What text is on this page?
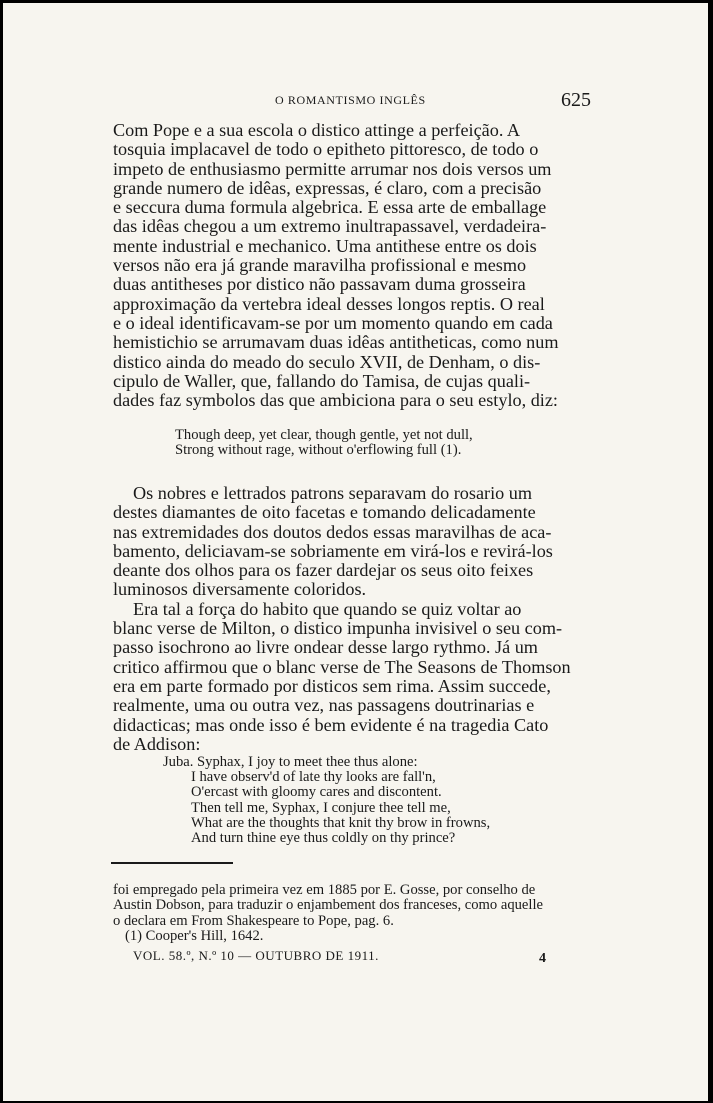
O ROMANTISMO INGLÊS	625

Com Pope e a sua escola o distico attinge a perfeição. A
tosquia implacavel de todo o epitheto pittoresco, de todo o
impeto de enthusiasmo permitte arrumar nos dois versos um
grande numero de idêas, expressas, é claro, com a precisão
e seccura duma formula algebrica. E essa arte de emballage
das idêas chegou a um extremo inultrapassavel, verdadeira-
mente industrial e mechanico. Uma antithese entre os dois
versos não era já grande maravilha profissional e mesmo
duas antitheses por distico não passavam duma grosseira
approximação da vertebra ideal desses longos reptis. O real
e o ideal identificavam-se por um momento quando em cada
hemistichio se arrumavam duas idêas antitheticas, como num
distico ainda do meado do seculo XVII, de Denham, o dis-
cipulo de Waller, que, fallando do Tamisa, de cujas quali-
dades faz symbolos das que ambiciona para o seu estylo, diz:

Though deep, yet clear, though gentle, yet not dull,
Strong without rage, without o'erflowing full (1).

Os nobres e lettrados patrons separavam do rosario um
destes diamantes de oito facetas e tomando delicadamente
nas extremidades dos doutos dedos essas maravilhas de aca-
bamento, deliciavam-se sobriamente em virá-los e revirá-los
deante dos olhos para os fazer dardejar os seus oito feixes
luminosos diversamente coloridos.

Era tal a força do habito que quando se quiz voltar ao
blanc verse de Milton, o distico impunha invisivel o seu com-
passo isochrono ao livre ondear desse largo rythmo. Já um
critico affirmou que o blanc verse de The Seasons de Thomson
era em parte formado por disticos sem rima. Assim succede,
realmente, uma ou outra vez, nas passagens doutrinarias e
didacticas; mas onde isso é bem evidente é na tragedia Cato
de Addison:

Juba. Syphax, I joy to meet thee thus alone:
I have observ'd of late thy looks are fall'n,
O'ercast with gloomy cares and discontent.
Then tell me, Syphax, I conjure thee tell me,
What are the thoughts that knit thy brow in frowns,
And turn thine eye thus coldly on thy prince?
foi empregado pela primeira vez em 1885 por E. Gosse, por conselho de
Austin Dobson, para traduzir o enjambement dos franceses, como aquelle
o declara em From Shakespeare to Pope, pag. 6.
(1) Cooper's Hill, 1642.
VOL. 58.º, N.º 10 — OUTUBRO DE 1911.	4
